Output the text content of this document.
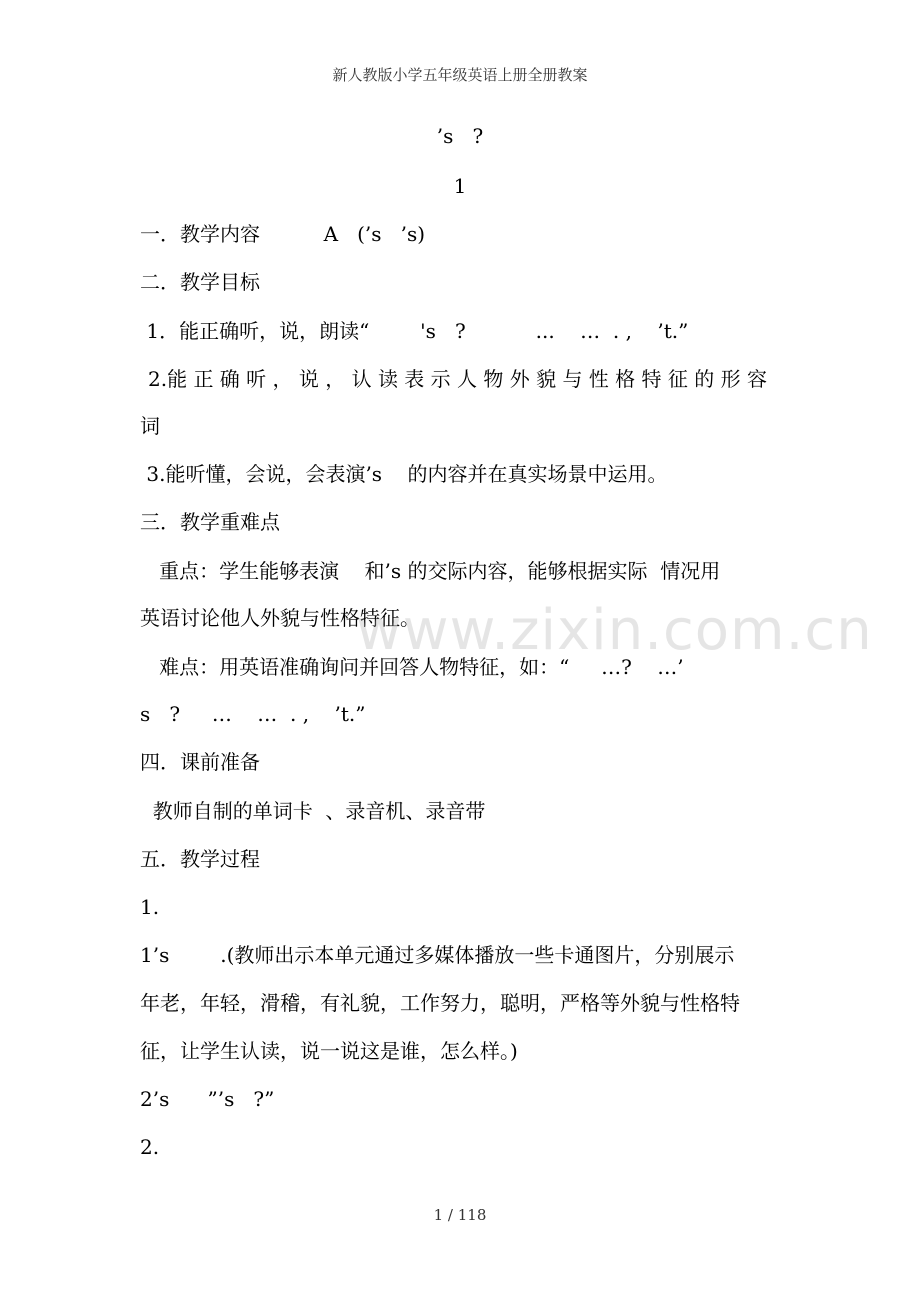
新人教版小学五年级英语上册全册教案
’s   ?
1
一．教学内容          A   (’s   ’s)
二．教学目标
1．能正确听，说，朗读“        's   ?           ...    …  . ,    ’t.”
2.能 正 确 听 ， 说 ， 认 读 表 示 人 物 外 貌 与 性 格 特 征 的 形 容
词
3.能听懂，会说，会表演’s    的内容并在真实场景中运用。
三．教学重难点
重点：学生能够表演    和’s 的交际内容，能够根据实际  情况用
英语讨论他人外貌与性格特征。
难点：用英语准确询问并回答人物特征，如：“     …?    …’
s   ?     …    …  . ,    ’t.”
四．课前准备
教师自制的单词卡  、录音机、录音带
五．教学过程
1.
1’s        .(教师出示本单元通过多媒体播放一些卡通图片，分别展示
年老，年轻，滑稽，有礼貌，工作努力，聪明，严格等外貌与性格特
征，让学生认读，说一说这是谁，怎么样。)
2’s      ”’s   ?”
2.
www.zixin.com.cn
1 / 118
